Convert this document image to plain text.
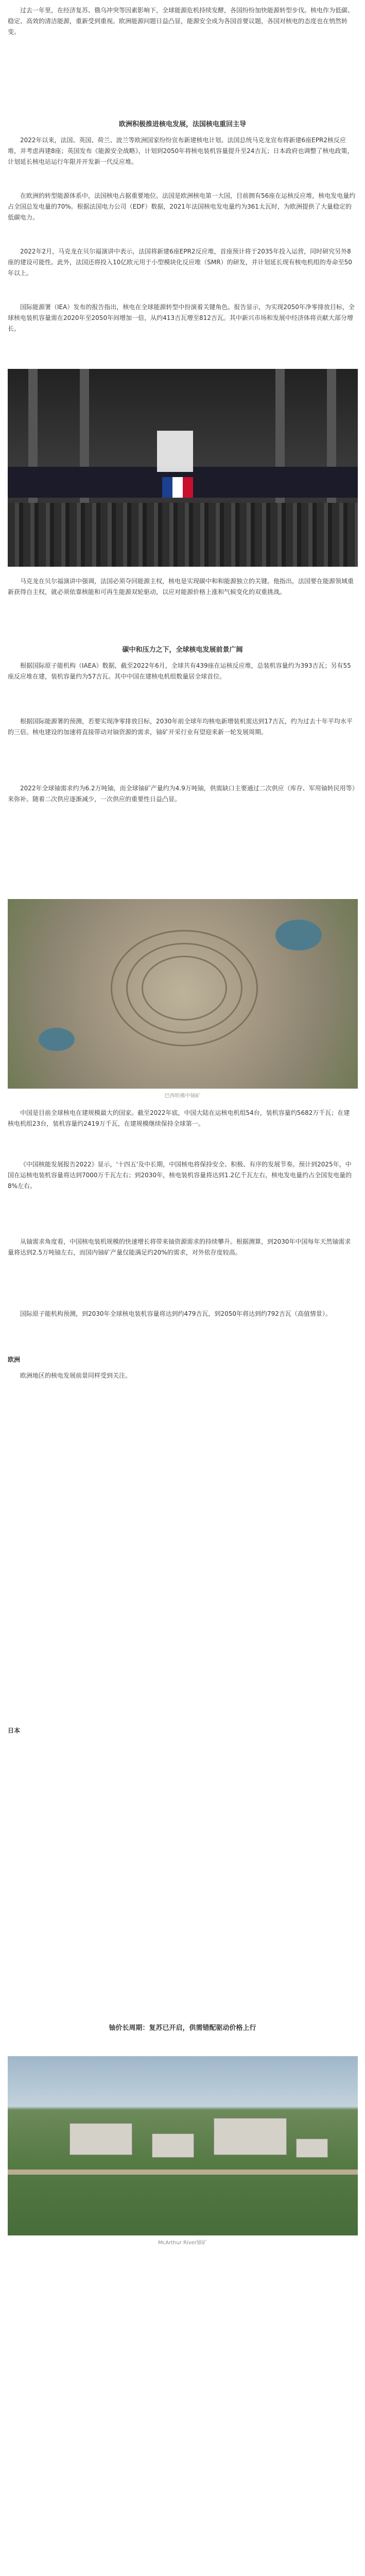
过去一年里，在经济复苏、俄乌冲突等因素影响下，全球能源危机持续发酵，各国纷纷加快能源转型步伐。核电作为低碳、稳定、高效的清洁能源，重新受到重视。欧洲能源问题日益凸显，能源安全成为各国首要议题，各国对核电的态度也在悄然转变。

欧洲积极推进核电发展，法国核电重回主导

2022年以来，法国、英国、荷兰、波兰等欧洲国家纷纷宣布新建核电计划。法国总统马克龙宣布将新建6座EPR2核反应堆，并考虑再建8座；英国发布《能源安全战略》，计划到2050年将核电装机容量提升至24吉瓦；日本政府也调整了核电政策，计划延长核电站运行年限并开发新一代反应堆。

在欧洲的转型能源体系中，法国核电占据重要地位。法国是欧洲核电第一大国，目前拥有56座在运核反应堆，核电发电量约占全国总发电量的70%。根据法国电力公司（EDF）数据，2021年法国核电发电量约为361太瓦时，为欧洲提供了大量稳定的低碳电力。

2022年2月，马克龙在贝尔福演讲中表示，法国将新建6座EPR2反应堆，首座预计将于2035年投入运营，同时研究另外8座的建设可能性。此外，法国还将投入10亿欧元用于小型模块化反应堆（SMR）的研发，并计划延长现有核电机组的寿命至50年以上。

国际能源署（IEA）发布的报告指出，核电在全球能源转型中扮演着关键角色。报告显示，为实现2050年净零排放目标，全球核电装机容量需在2020年至2050年间增加一倍，从约413吉瓦增至812吉瓦。其中新兴市场和发展中经济体将贡献大部分增长。

马克龙在贝尔福演讲中强调，法国必须夺回能源主权，核电是实现碳中和和能源独立的关键。他指出，法国要在能源领域重新获得自主权，就必须依靠核能和可再生能源双轮驱动，以应对能源价格上涨和气候变化的双重挑战。

碳中和压力之下，全球核电发展前景广阔

根据国际原子能机构（IAEA）数据，截至2022年6月，全球共有439座在运核反应堆，总装机容量约为393吉瓦；另有55座反应堆在建，装机容量约为57吉瓦。其中中国在建核电机组数量居全球首位。

根据国际能源署的预测，若要实现净零排放目标，2030年前全球年均核电新增装机需达到17吉瓦，约为过去十年平均水平的三倍。核电建设的加速将直接带动对铀资源的需求，铀矿开采行业有望迎来新一轮发展周期。

2022年全球铀需求约为6.2万吨铀，而全球铀矿产量约为4.9万吨铀，供需缺口主要通过二次供应（库存、军用铀转民用等）来弥补。随着二次供应逐渐减少，一次供应的重要性日益凸显。

巴西哈佛中铀矿

中国是目前全球核电在建规模最大的国家。截至2022年底，中国大陆在运核电机组54台，装机容量约5682万千瓦；在建核电机组23台，装机容量约2419万千瓦，在建规模继续保持全球第一。

《中国核能发展报告2022》显示，'十四五'及中长期，中国核电将保持安全、积极、有序的发展节奏。预计到2025年，中国在运核电装机容量将达到7000万千瓦左右；到2030年，核电装机容量将达到1.2亿千瓦左右，核电发电量约占全国发电量的8%左右。

从铀需求角度看，中国核电装机规模的快速增长将带来铀资源需求的持续攀升。根据测算，到2030年中国每年天然铀需求量将达到2.5万吨铀左右，而国内铀矿产量仅能满足约20%的需求，对外依存度较高。

国际原子能机构预测，到2030年全球核电装机容量将达到约479吉瓦，到2050年将达到约792吉瓦（高值情景）。

欧洲

欧洲地区的核电发展前景同样受到关注。

日本

铀价长周期：复苏已开启，供需错配驱动价格上行

McArthur River铀矿
